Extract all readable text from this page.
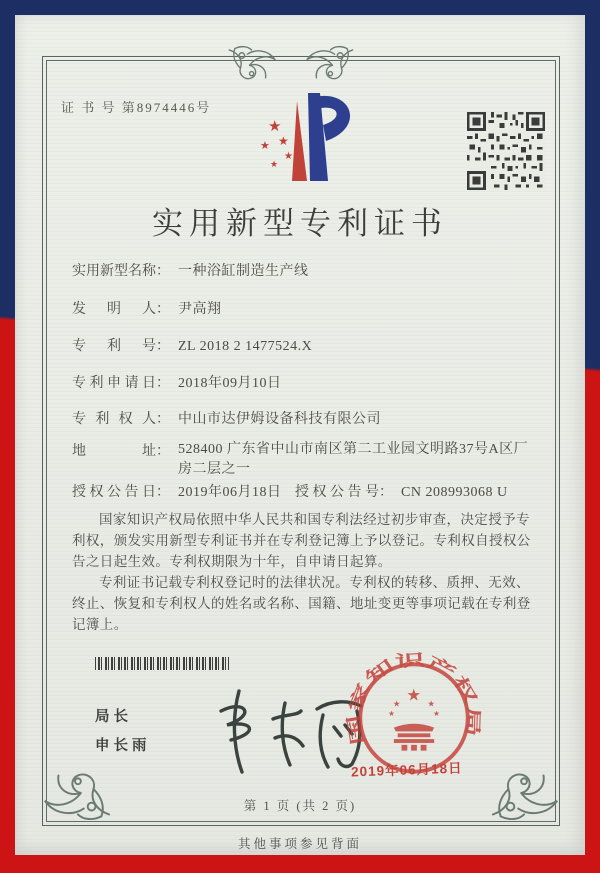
证 书 号 第8974446号
★
★
★
★
★
实用新型专利证书
实用新型名称： 一种浴缸制造生产线
发明人： 尹高翔
专利号： ZL 2018 2 1477524.X
专利申请日： 2018年09月10日
专利权人： 中山市达伊姆设备科技有限公司
地址： 528400 广东省中山市南区第二工业园文明路37号A区厂房二层之一
授权公告日： 2019年06月18日 授权公告号： CN 208993068 U

国家知识产权局依照中华人民共和国专利法经过初步审查，决定授予专利权，颁发实用新型专利证书并在专利登记簿上予以登记。专利权自授权公告之日起生效。专利权期限为十年，自申请日起算。

专利证书记载专利权登记时的法律状况。专利权的转移、质押、无效、终止、恢复和专利权人的姓名或名称、国籍、地址变更等事项记载在专利登记簿上。

局长
申长雨	国家知识产权局
★
★	★
★	★
2019年06月18日
第 1 页 (共 2 页)
其他事项参见背面
